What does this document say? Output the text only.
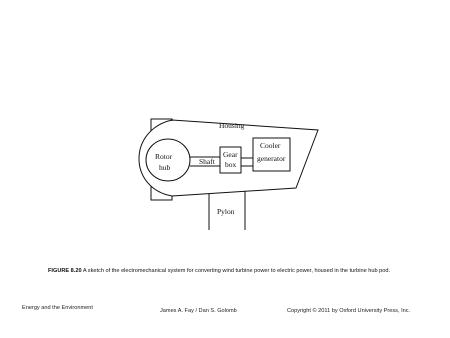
Housing
Cooler
generator
Gear
box
Rotor
hub
Shaft
Pylon
FIGURE 8.20 A sketch of the electromechanical system for converting wind turbine power to electric power, housed in the turbine hub pod.
Energy and the Environment	James A. Fay / Dan S. Golomb	Copyright © 2011 by Oxford University Press, Inc.
